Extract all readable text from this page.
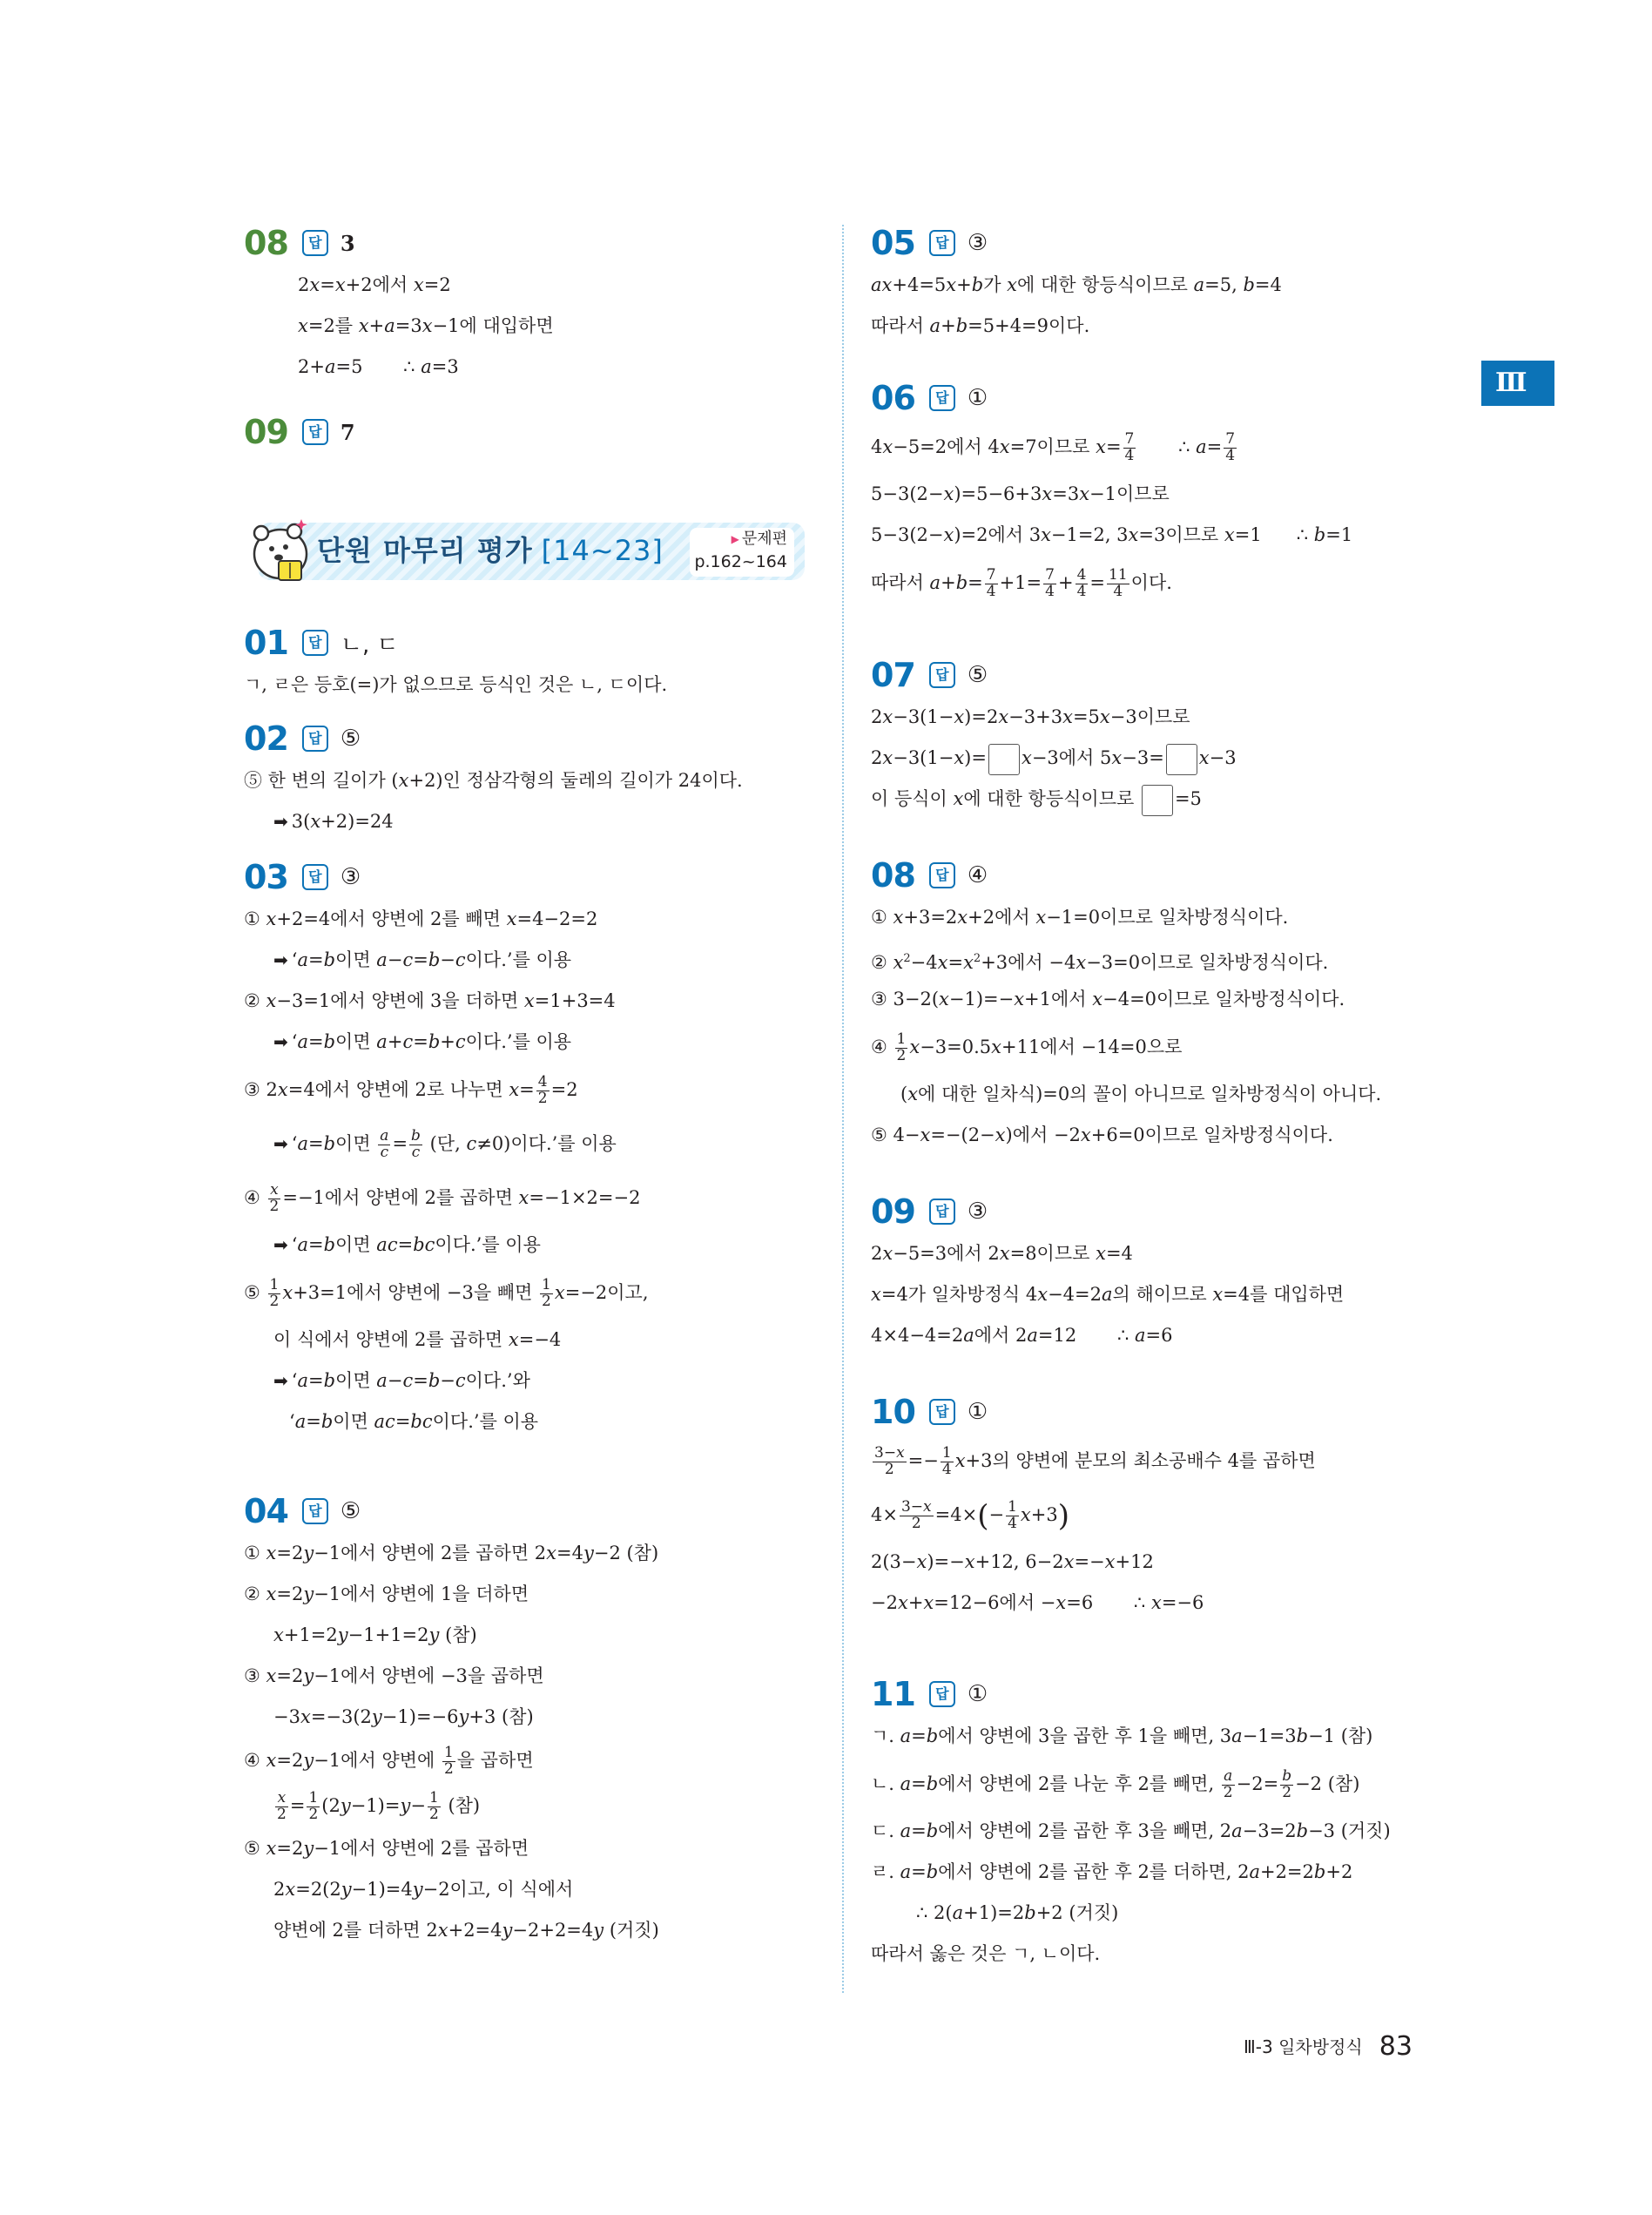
Ⅲ
08	답 3
2x=x+2에서 x=2
x=2를 x+a=3x−1에 대입하면
2+a=5       ∴ a=3
09	답 7
01	답 ㄴ, ㄷ
ㄱ, ㄹ은 등호(=)가 없으므로 등식인 것은 ㄴ, ㄷ이다.
02	답 ⑤
⑤ 한 변의 길이가 (x+2)인 정삼각형의 둘레의 길이가 24이다.
➡ 3(x+2)=24
03	답 ③
① x+2=4에서 양변에 2를 빼면 x=4−2=2
➡ ‘a=b이면 a−c=b−c이다.’를 이용
② x−3=1에서 양변에 3을 더하면 x=1+3=4
➡ ‘a=b이면 a+c=b+c이다.’를 이용
③ 2x=4에서 양변에 2로 나누면 $x= \frac{4}{2} =2$
➡ ‘a=b이면 $\frac{a}{c} = \frac{b}{c}$ (단, c≠0)이다.’를 이용
④ $\frac{x}{2} =-1$에서 양변에 2를 곱하면 x=−1×2=−2
➡ ‘a=b이면 ac=bc이다.’를 이용
⑤ $\frac{1}{2} x+3=1$에서 양변에 −3을 빼면 $\frac{1}{2} x=-2$이고,
이 식에서 양변에 2를 곱하면 x=−4
➡ ‘a=b이면 a−c=b−c이다.’와
‘a=b이면 ac=bc이다.’를 이용
04	답 ⑤
① x=2y−1에서 양변에 2를 곱하면 2x=4y−2 (참)
② x=2y−1에서 양변에 1을 더하면
x+1=2y−1+1=2y (참)
③ x=2y−1에서 양변에 −3을 곱하면
−3x=−3(2y−1)=−6y+3 (참)
④ x=2y−1에서 양변에 $\frac{1}{2}$ 을 곱하면
$\frac{x}{2} = \frac{1}{2} (2y-1)=y- \frac{1}{2}$ (참)
⑤ x=2y−1에서 양변에 2를 곱하면
2x=2(2y−1)=4y−2이고, 이 식에서
양변에 2를 더하면 2x+2=4y−2+2=4y (거짓)
단원 마무리 평가 [14~23]	▶ 문제편
p.162~164
05	답 ③
ax+4=5x+b가 x에 대한 항등식이므로 a=5, b=4
따라서 a+b=5+4=9이다.
06	답 ①
4x−5=2에서 4x=7이므로 $x= \frac{7}{4}$ ∴ $a= \frac{7}{4}$
5−3(2−x)=5−6+3x=3x−1이므로
5−3(2−x)=2에서 3x−1=2, 3x=3이므로 x=1      ∴ b=1
따라서 $a+b= \frac{7}{4} +1= \frac{7}{4} + \frac{4}{4} = \frac{11}{4}$ 이다.
07	답 ⑤
2x−3(1−x)=2x−3+3x=5x−3이므로
2x−3(1−x)= x−3에서 5x−3= x−3
이 등식이 x에 대한 항등식이므로 =5
08	답 ④
① x+3=2x+2에서 x−1=0이므로 일차방정식이다.
② $x^2-4x=x^2+3$에서 −4x−3=0이므로 일차방정식이다.
③ 3−2(x−1)=−x+1에서 x−4=0이므로 일차방정식이다.
④ $\frac{1}{2} x-3=0.5x+11$에서 −14=0으로
(x에 대한 일차식)=0의 꼴이 아니므로 일차방정식이 아니다.
⑤ 4−x=−(2−x)에서 −2x+6=0이므로 일차방정식이다.
09	답 ③
2x−5=3에서 2x=8이므로 x=4
x=4가 일차방정식 4x−4=2a의 해이므로 x=4를 대입하면
4×4−4=2a에서 2a=12       ∴ a=6
10	답 ①
$\frac{3-x}{2} =- \frac{1}{4} x+3$의 양변에 분모의 최소공배수 4를 곱하면
$4\times \frac{3-x}{2} =4\times(- \frac{1}{4} x+3)$
2(3−x)=−x+12, 6−2x=−x+12
−2x+x=12−6에서 −x=6       ∴ x=−6
11	답 ①
ㄱ. a=b에서 양변에 3을 곱한 후 1을 빼면, 3a−1=3b−1 (참)
ㄴ. a=b에서 양변에 2를 나눈 후 2를 빼면, $\frac{a}{2} -2= \frac{b}{2} -2$ (참)
ㄷ. a=b에서 양변에 2를 곱한 후 3을 빼면, 2a−3=2b−3 (거짓)
ㄹ. a=b에서 양변에 2를 곱한 후 2를 더하면, 2a+2=2b+2
∴ 2(a+1)=2b+2 (거짓)
따라서 옳은 것은 ㄱ, ㄴ이다.
Ⅲ-3 일차방정식 83
